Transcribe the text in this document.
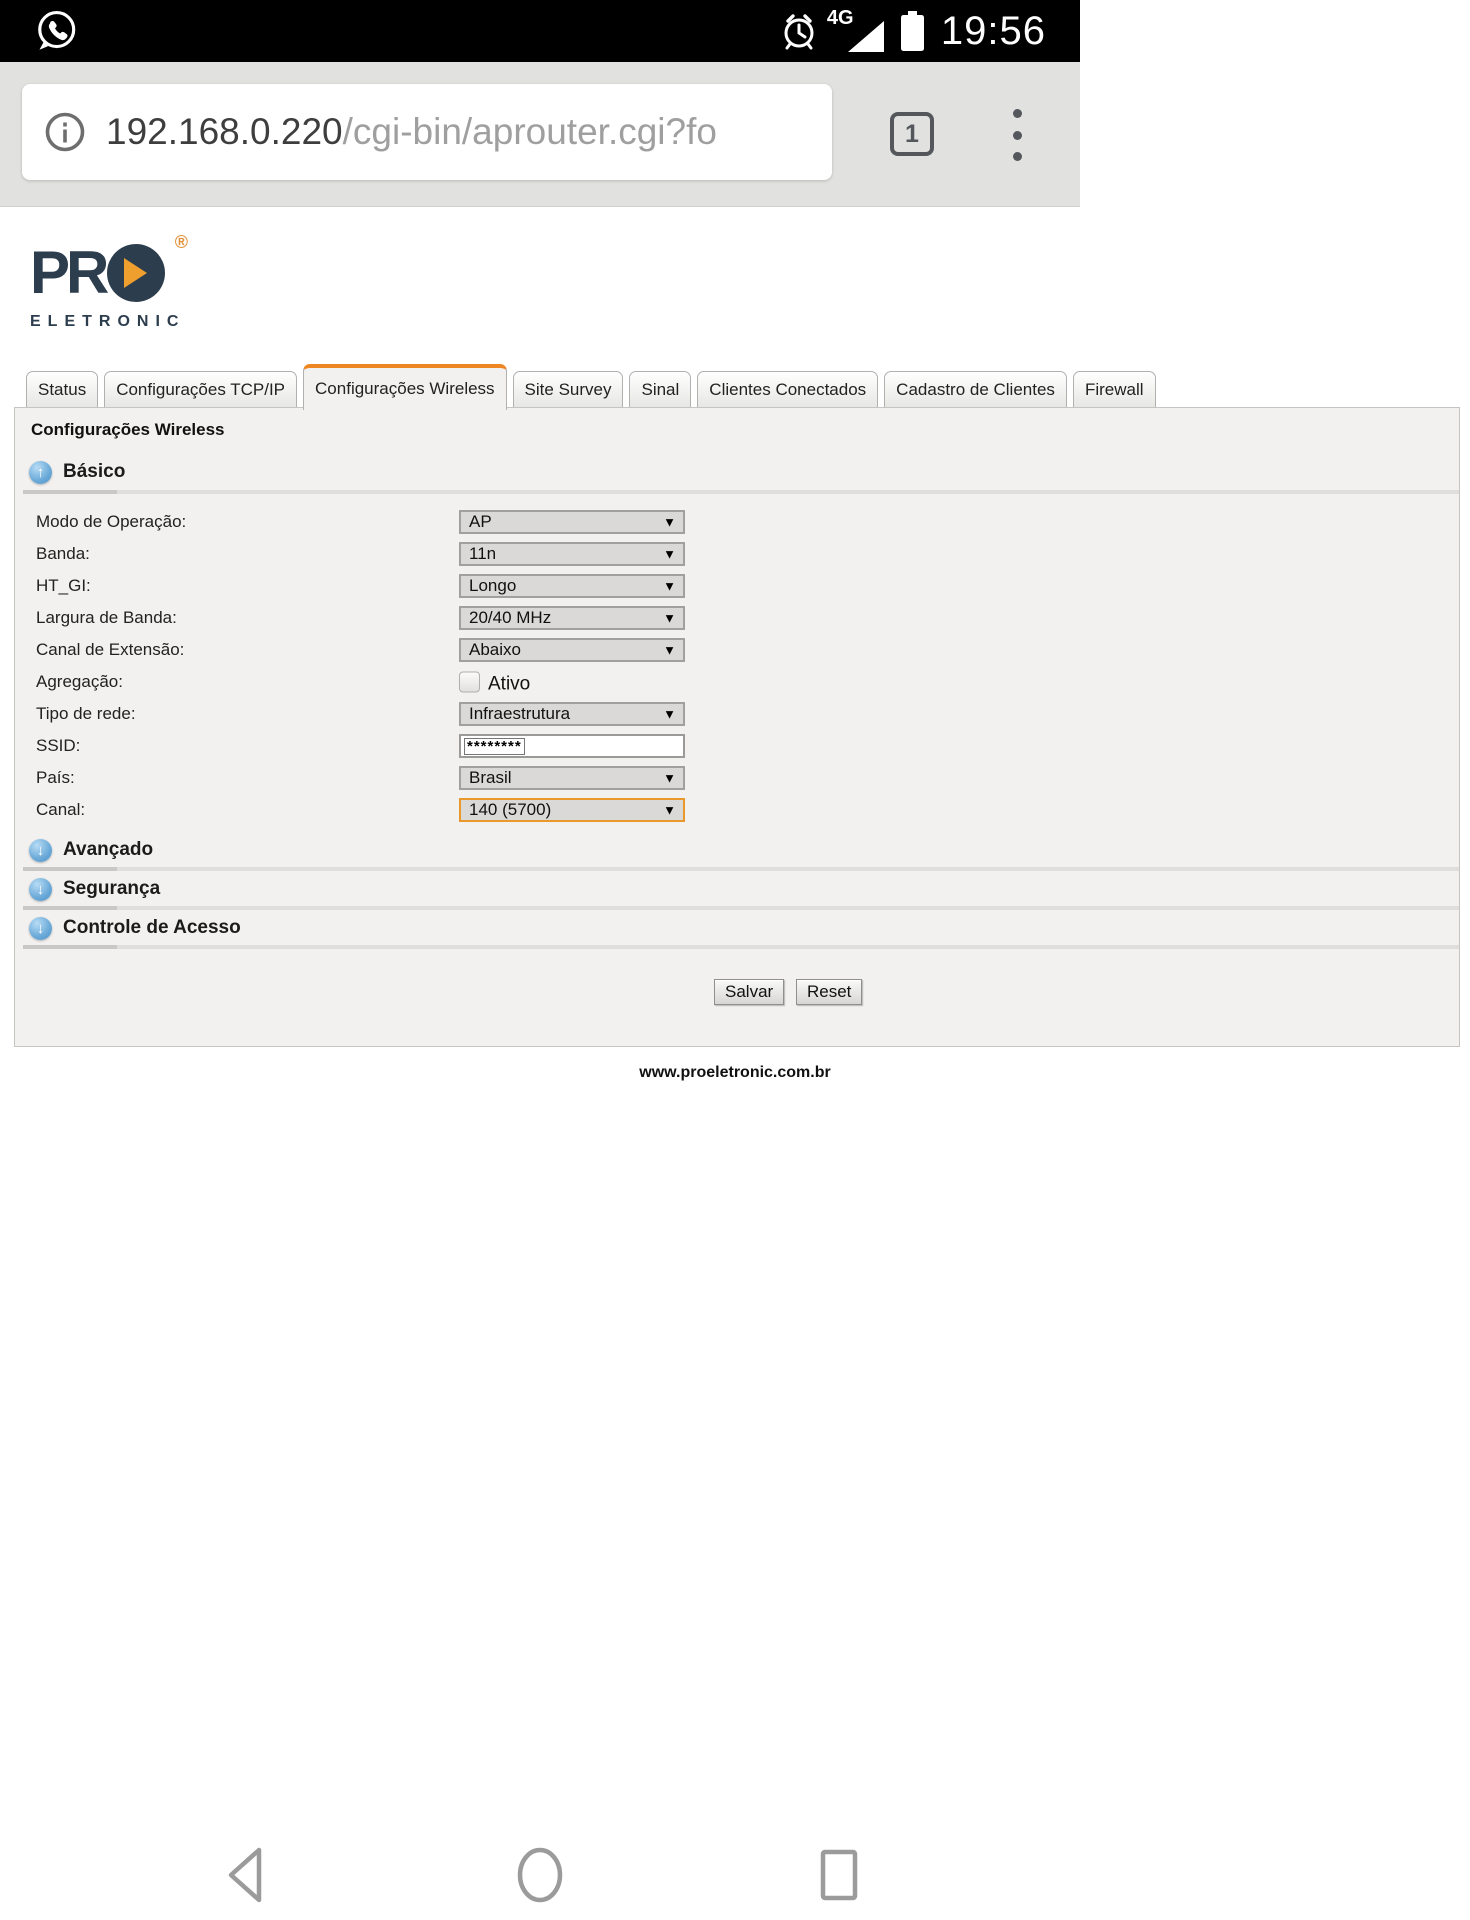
4G 19:56
192.168.0.220/cgi-bin/aprouter.cgi?fo	1
PR	®
ELETRONIC
Status Configurações TCP/IP Configurações Wireless Site Survey Sinal Clientes Conectados Cadastro de Clientes Firewall
Configurações Wireless
↑ Básico
Modo de Operação:	AP	▼
Banda:	11n	▼
HT_GI:	Longo	▼
Largura de Banda:	20/40 MHz	▼
Canal de Extensão:	Abaixo	▼
Agregação:	Ativo
Tipo de rede:	Infraestrutura	▼
SSID:	********
País:	Brasil	▼
Canal:	140 (5700)	▼
↓ Avançado
↓ Segurança
↓ Controle de Acesso
Salvar	Reset
www.proeletronic.com.br
